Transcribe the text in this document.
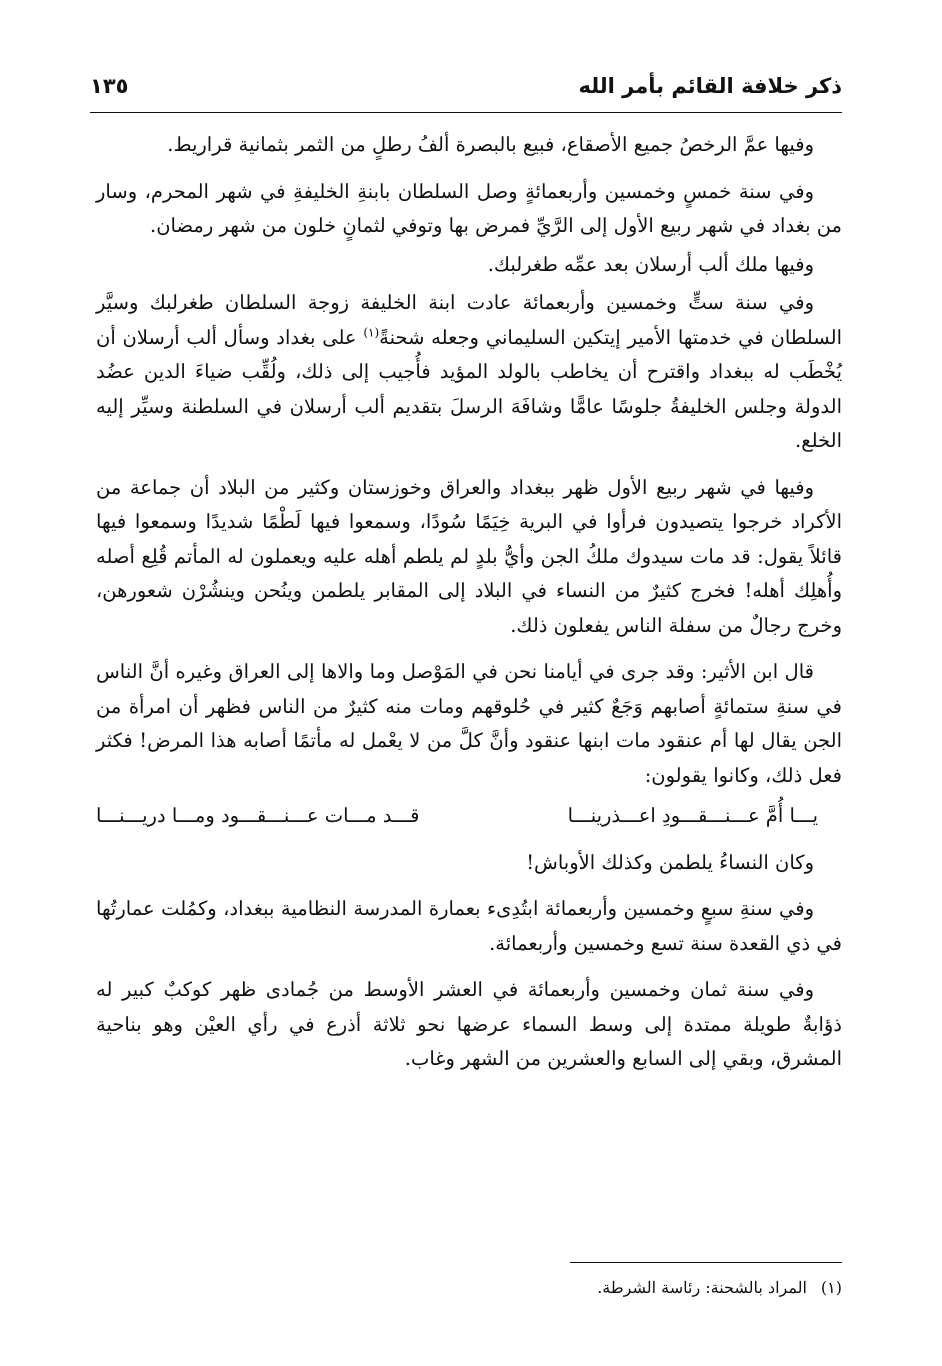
ذكر خلافة القائم بأمر الله
١٣٥

وفيها عمَّ الرخصُ جميع الأصقاع، فبيع بالبصرة ألفُ رطلٍ من الثمر بثمانية قراريط.

وفي سنة خمسٍ وخمسين وأربعمائةٍ وصل السلطان بابنةِ الخليفةِ في شهر المحرم، وسار من بغداد في شهر ربيع الأول إلى الرَّيِّ فمرض بها وتوفي لثمانٍ خلون من شهر رمضان.

وفيها ملك ألب أرسلان بعد عمِّه طغرلبك.

وفي سنة ستٍّ وخمسين وأربعمائة عادت ابنة الخليفة زوجة السلطان طغرلبك وسيَّر السلطان في خدمتها الأمير إيتكين السليماني وجعله شحنةً$^{(١)}$ على بغداد وسأل ألب أرسلان أن يُخْطَب له ببغداد واقترح أن يخاطب بالولد المؤيد فأُجيب إلى ذلك، ولُقِّب ضياءَ الدين عضُد الدولة وجلس الخليفةُ جلوسًا عامًّا وشافَهَ الرسلَ بتقديم ألب أرسلان في السلطنة وسيِّر إليه الخلع.

وفيها في شهر ربيع الأول ظهر ببغداد والعراق وخوزستان وكثير من البلاد أن جماعة من الأكراد خرجوا يتصيدون فرأوا في البرية خِيَمًا سُودًا، وسمعوا فيها لَطْمًا شديدًا وسمعوا فيها قائلاً يقول: قد مات سيدوك ملكُ الجن وأيُّ بلدٍ لم يلطم أهله عليه ويعملون له المأتم قُلِع أصله وأُهلِك أهله! فخرج كثيرٌ من النساء في البلاد إلى المقابر يلطمن وينُحن وينشُرْن شعورهن، وخرج رجالٌ من سفلة الناس يفعلون ذلك.

قال ابن الأثير: وقد جرى في أيامنا نحن في المَوْصل وما والاها إلى العراق وغيره أنَّ الناس في سنةِ ستمائةٍ أصابهم وَجَعٌ كثير في حُلوقهم ومات منه كثيرٌ من الناس فظهر أن امرأة من الجن يقال لها أم عنقود مات ابنها عنقود وأنَّ كلَّ من لا يعْمل له مأتمًا أصابه هذا المرض! فكثر فعل ذلك، وكانوا يقولون:

يـــا أُمَّ عـــنـــقـــودِ اعـــذرينـــا
قـــد مـــات عـــنـــقـــود ومـــا دريـــنـــا

وكان النساءُ يلطمن وكذلك الأوباش!

وفي سنةِ سبعٍ وخمسين وأربعمائة ابتُدِىء بعمارة المدرسة النظامية ببغداد، وكمُلت عمارتُها في ذي القعدة سنة تسع وخمسين وأربعمائة.

وفي سنة ثمان وخمسين وأربعمائة في العشر الأوسط من جُمادى ظهر كوكبٌ كبير له ذؤابةٌ طويلة ممتدة إلى وسط السماء عرضها نحو ثلاثة أذرع في رأي العيْن وهو بناحية المشرق، وبقي إلى السابع والعشرين من الشهر وغاب.

(١)المراد بالشحنة: رئاسة الشرطة.
